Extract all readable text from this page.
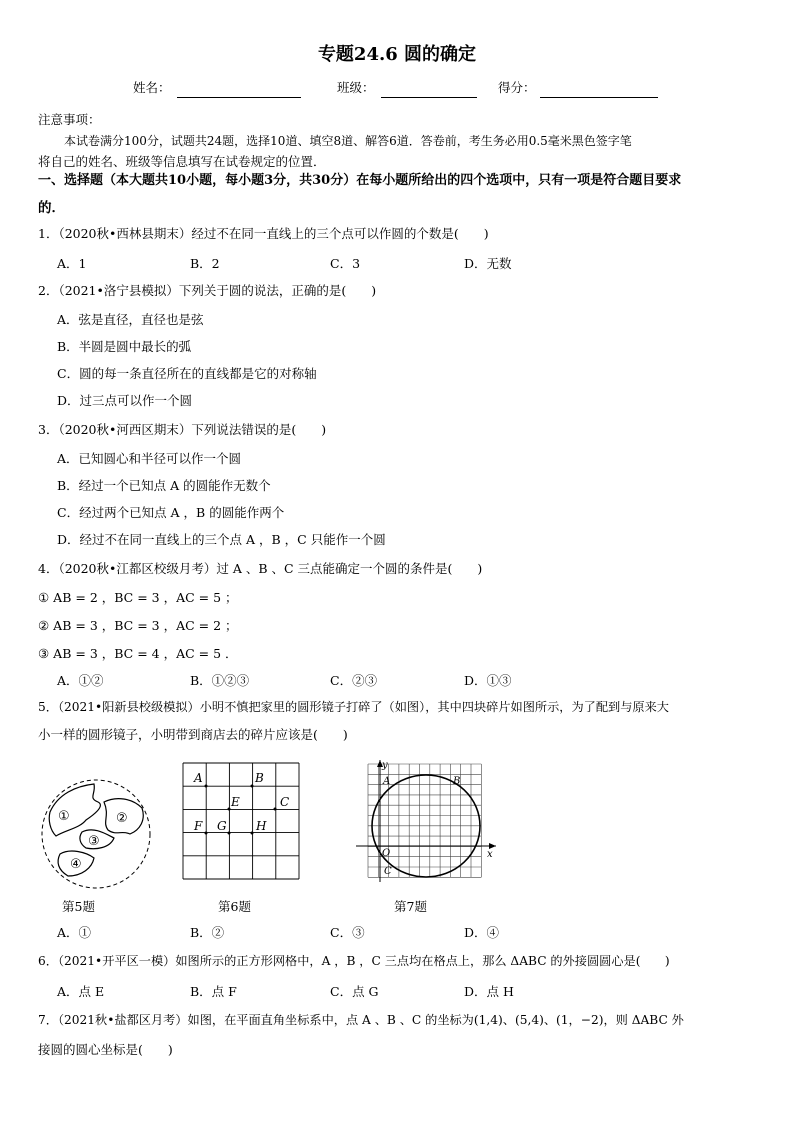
专题24.6 圆的确定
姓名：	班级：	得分：
注意事项：
本试卷满分100分，试题共24题，选择10道、填空8道、解答6道．答卷前，考生务必用0.5毫米黑色签字笔
将自己的姓名、班级等信息填写在试卷规定的位置．
一、选择题（本大题共10小题，每小题3分，共30分）在每小题所给出的四个选项中，只有一项是符合题目要求
的．
1．（2020秋•西林县期末）经过不在同一直线上的三个点可以作圆的个数是(　　)
A．1	B．2	C．3	D．无数
2．（2021•洛宁县模拟）下列关于圆的说法，正确的是(　　)
A．弦是直径，直径也是弦
B．半圆是圆中最长的弧
C．圆的每一条直径所在的直线都是它的对称轴
D．过三点可以作一个圆
3．（2020秋•河西区期末）下列说法错误的是(　　)
A．已知圆心和半径可以作一个圆
B．经过一个已知点 A 的圆能作无数个
C．经过两个已知点 A ，B 的圆能作两个
D．经过不在同一直线上的三个点 A ，B ，C 只能作一个圆
4．（2020秋•江都区校级月考）过 A 、B 、C 三点能确定一个圆的条件是(　　)
① AB = 2 ，BC = 3 ，AC = 5 ；
② AB = 3 ，BC = 3 ，AC = 2 ；
③ AB = 3 ，BC = 4 ，AC = 5 ．
A．①②	B．①②③	C．②③	D．①③
5．（2021•阳新县校级模拟）小明不慎把家里的圆形镜子打碎了（如图），其中四块碎片如图所示，为了配到与原来大
小一样的圆形镜子，小明带到商店去的碎片应该是(　　)
①	②
③
④
第5题
A	B
E	C
F G H
第6题
y
x
O
A	B
C
第7题
A．①	B．②	C．③	D．④
6．（2021•开平区一模）如图所示的正方形网格中，A ，B ，C 三点均在格点上，那么 ΔABC 的外接圆圆心是(　　)
A．点 E	B．点 F	C．点 G	D．点 H
7．（2021秋•盐都区月考）如图，在平面直角坐标系中，点 A 、B 、C 的坐标为(1,4)、(5,4)、(1，−2)，则 ΔABC 外
接圆的圆心坐标是(　　)
